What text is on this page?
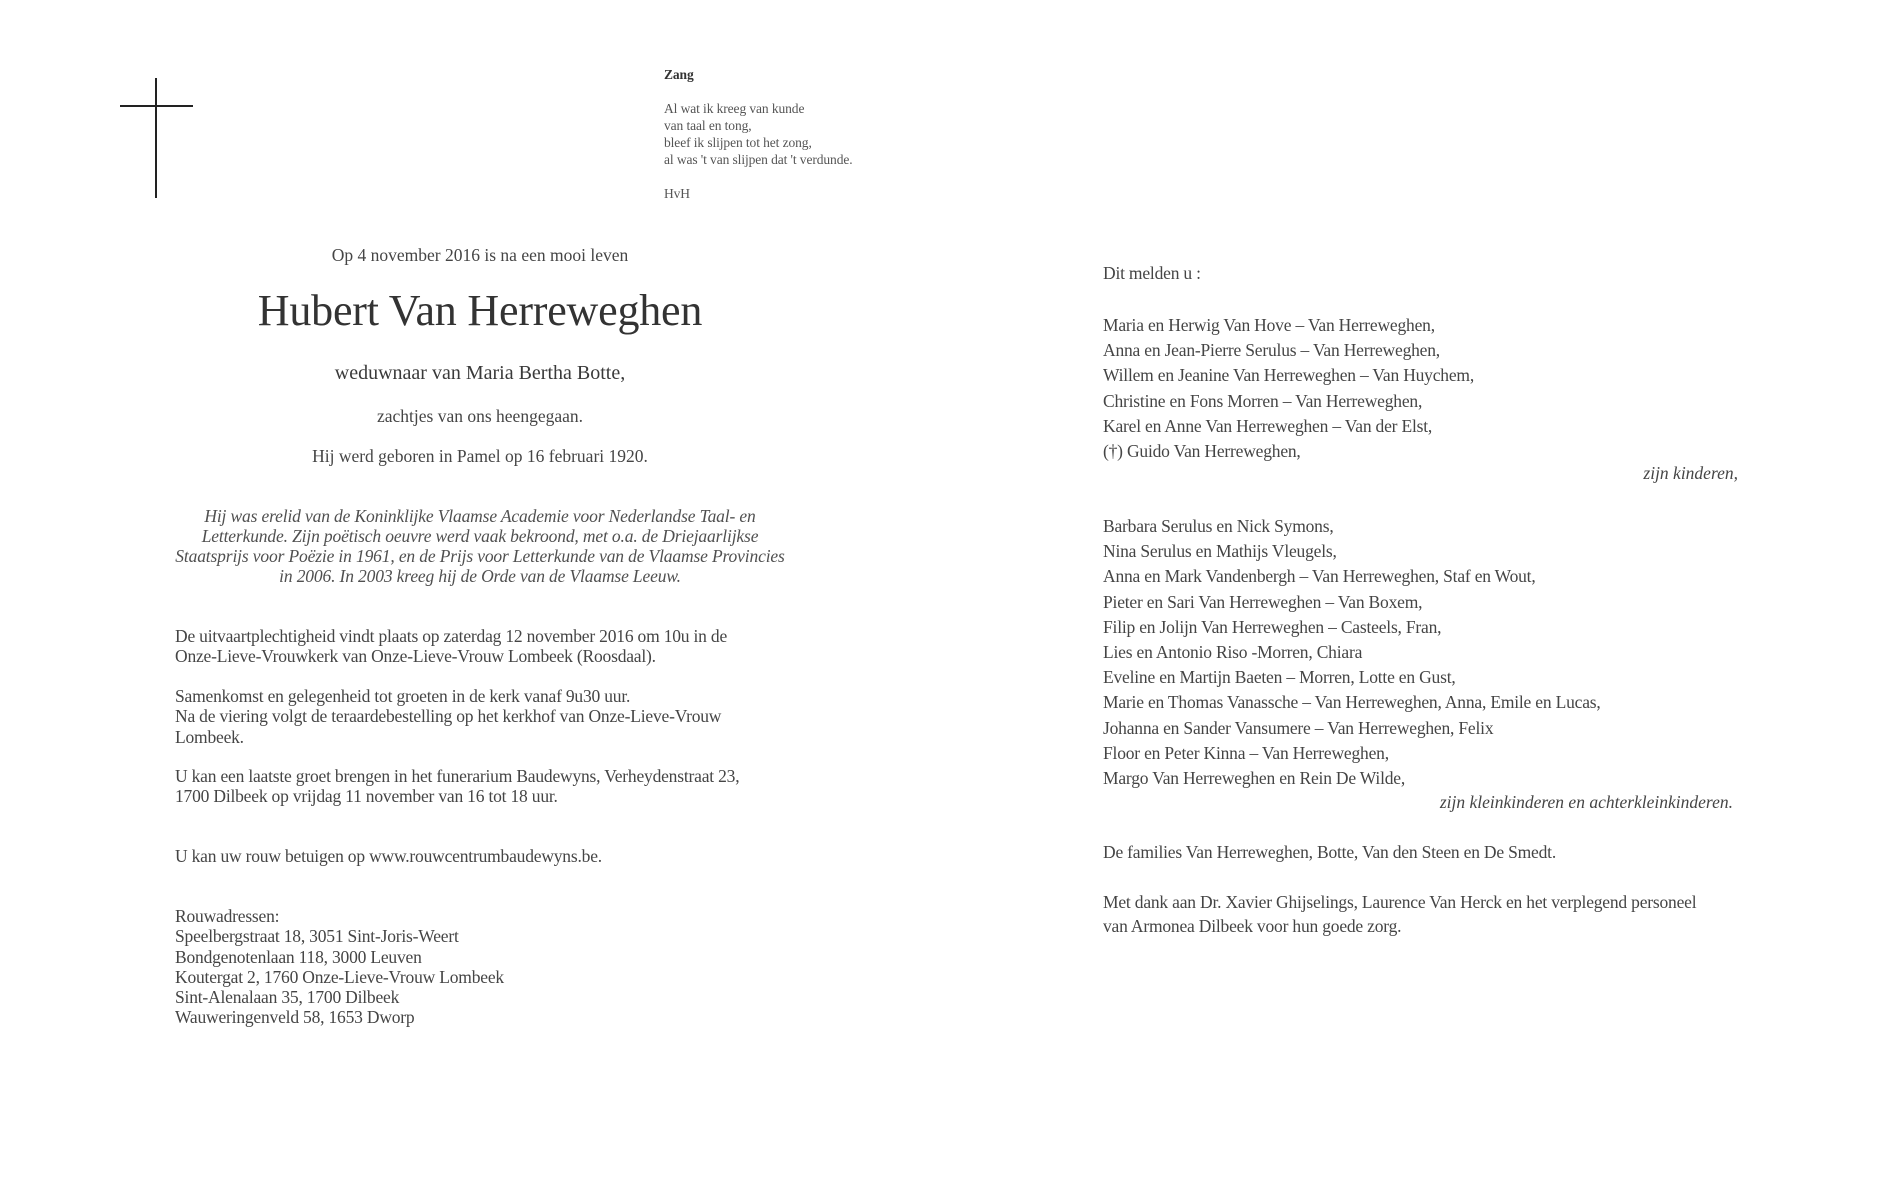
Zang
Al wat ik kreeg van kunde
van taal en tong,
bleef ik slijpen tot het zong,
al was 't van slijpen dat 't verdunde.
HvH
Op 4 november 2016 is na een mooi leven
Hubert Van Herreweghen
weduwnaar van Maria Bertha Botte,
zachtjes van ons heengegaan.
Hij werd geboren in Pamel op 16 februari 1920.
Hij was erelid van de Koninklijke Vlaamse Academie voor Nederlandse Taal- en Letterkunde. Zijn poëtisch oeuvre werd vaak bekroond, met o.a. de Driejaarlijkse Staatsprijs voor Poëzie in 1961, en de Prijs voor Letterkunde van de Vlaamse Provincies in 2006. In 2003 kreeg hij de Orde van de Vlaamse Leeuw.
De uitvaartplechtigheid vindt plaats op zaterdag 12 november 2016 om 10u in de
Onze-Lieve-Vrouwkerk van Onze-Lieve-Vrouw Lombeek (Roosdaal).
Samenkomst en gelegenheid tot groeten in de kerk vanaf 9u30 uur.
Na de viering volgt de teraardebestelling op het kerkhof van Onze-Lieve-Vrouw
Lombeek.
U kan een laatste groet brengen in het funerarium Baudewyns, Verheydenstraat 23,
1700 Dilbeek op vrijdag 11 november van 16 tot 18 uur.
U kan uw rouw betuigen op www.rouwcentrumbaudewyns.be.
Rouwadressen:
Speelbergstraat 18, 3051 Sint-Joris-Weert
Bondgenotenlaan 118, 3000 Leuven
Koutergat 2, 1760 Onze-Lieve-Vrouw Lombeek
Sint-Alenalaan 35, 1700 Dilbeek
Wauweringenveld 58, 1653 Dworp
Dit melden u :
Maria en Herwig Van Hove – Van Herreweghen,
Anna en Jean-Pierre Serulus – Van Herreweghen,
Willem en Jeanine Van Herreweghen – Van Huychem,
Christine en Fons Morren – Van Herreweghen,
Karel en Anne Van Herreweghen – Van der Elst,
(†) Guido Van Herreweghen,
zijn kinderen,
Barbara Serulus en Nick Symons,
Nina Serulus en Mathijs Vleugels,
Anna en Mark Vandenbergh – Van Herreweghen, Staf en Wout,
Pieter en Sari Van Herreweghen – Van Boxem,
Filip en Jolijn Van Herreweghen – Casteels, Fran,
Lies en Antonio Riso -Morren, Chiara
Eveline en Martijn Baeten – Morren, Lotte en Gust,
Marie en Thomas Vanassche – Van Herreweghen, Anna, Emile en Lucas,
Johanna en Sander Vansumere – Van Herreweghen, Felix
Floor en Peter Kinna – Van Herreweghen,
Margo Van Herreweghen en Rein De Wilde,
zijn kleinkinderen en achterkleinkinderen.
De families Van Herreweghen, Botte, Van den Steen en De Smedt.
Met dank aan Dr. Xavier Ghijselings, Laurence Van Herck en het verplegend personeel
van Armonea Dilbeek voor hun goede zorg.
